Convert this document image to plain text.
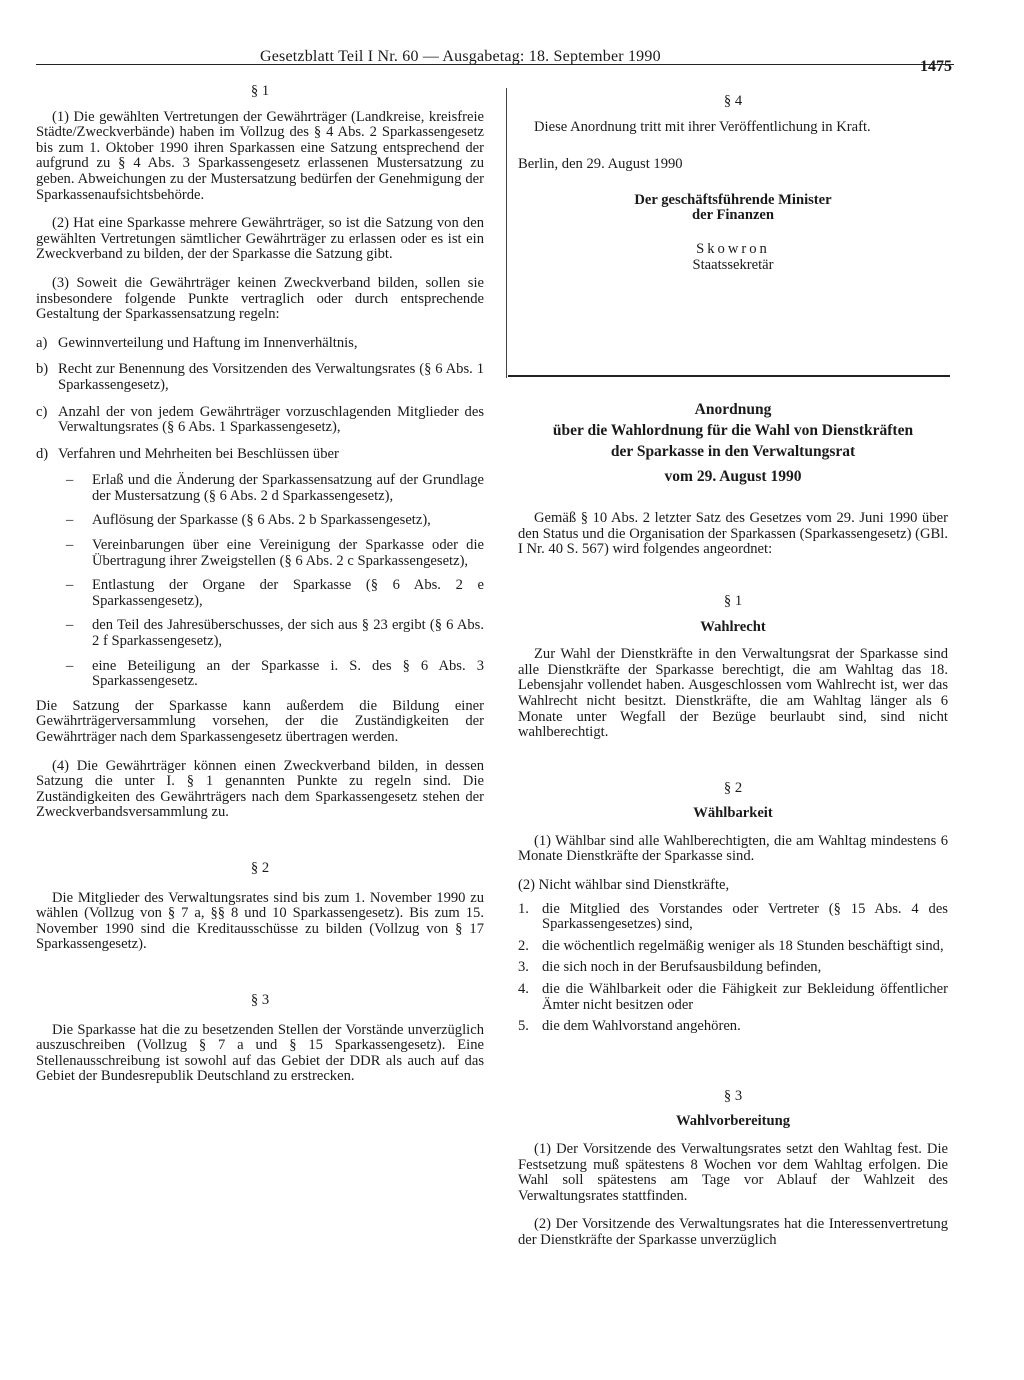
Gesetzblatt Teil I Nr. 60 — Ausgabetag: 18. September 1990
1475
§ 1

(1) Die gewählten Vertretungen der Gewährträger (Landkreise, kreisfreie Städte/Zweckverbände) haben im Vollzug des § 4 Abs. 2 Sparkassengesetz bis zum 1. Oktober 1990 ihren Sparkassen eine Satzung entsprechend der aufgrund zu § 4 Abs. 3 Sparkassengesetz erlassenen Mustersatzung zu geben. Abweichungen zu der Mustersatzung bedürfen der Genehmigung der Sparkassenaufsichtsbehörde.

(2) Hat eine Sparkasse mehrere Gewährträger, so ist die Satzung von den gewählten Vertretungen sämtlicher Gewährträger zu erlassen oder es ist ein Zweckverband zu bilden, der der Sparkasse die Satzung gibt.

(3) Soweit die Gewährträger keinen Zweckverband bilden, sollen sie insbesondere folgende Punkte vertraglich oder durch entsprechende Gestaltung der Sparkassensatzung regeln:

a) Gewinnverteilung und Haftung im Innenverhältnis,
b) Recht zur Benennung des Vorsitzenden des Verwaltungsrates (§ 6 Abs. 1 Sparkassengesetz),
c) Anzahl der von jedem Gewährträger vorzuschlagenden Mitglieder des Verwaltungsrates (§ 6 Abs. 1 Sparkassengesetz),
d) Verfahren und Mehrheiten bei Beschlüssen über
–	Erlaß und die Änderung der Sparkassensatzung auf der Grundlage der Mustersatzung (§ 6 Abs. 2 d Sparkassengesetz),
–	Auflösung der Sparkasse (§ 6 Abs. 2 b Sparkassengesetz),
–	Vereinbarungen über eine Vereinigung der Sparkasse oder die Übertragung ihrer Zweigstellen (§ 6 Abs. 2 c Sparkassengesetz),
–	Entlastung der Organe der Sparkasse (§ 6 Abs. 2 e Sparkassengesetz),
–	den Teil des Jahresüberschusses, der sich aus § 23 ergibt (§ 6 Abs. 2 f Sparkassengesetz),
–	eine Beteiligung an der Sparkasse i. S. des § 6 Abs. 3 Sparkassengesetz.

Die Satzung der Sparkasse kann außerdem die Bildung einer Gewährträgerversammlung vorsehen, der die Zuständigkeiten der Gewährträger nach dem Sparkassengesetz übertragen werden.

(4) Die Gewährträger können einen Zweckverband bilden, in dessen Satzung die unter I. § 1 genannten Punkte zu regeln sind. Die Zuständigkeiten des Gewährträgers nach dem Sparkassengesetz stehen der Zweckverbandsversammlung zu.

§ 2

Die Mitglieder des Verwaltungsrates sind bis zum 1. November 1990 zu wählen (Vollzug von § 7 a, §§ 8 und 10 Sparkassengesetz). Bis zum 15. November 1990 sind die Kreditausschüsse zu bilden (Vollzug von § 17 Sparkassengesetz).

§ 3

Die Sparkasse hat die zu besetzenden Stellen der Vorstände unverzüglich auszuschreiben (Vollzug § 7 a und § 15 Sparkassengesetz). Eine Stellenausschreibung ist sowohl auf das Gebiet der DDR als auch auf das Gebiet der Bundesrepublik Deutschland zu erstrecken.

§ 4

Diese Anordnung tritt mit ihrer Veröffentlichung in Kraft.

Berlin, den 29. August 1990

Der geschäftsführende Minister
der Finanzen
Skowron
Staatssekretär
Anordnung
über die Wahlordnung für die Wahl von Dienstkräften
der Sparkasse in den Verwaltungsrat
vom 29. August 1990

Gemäß § 10 Abs. 2 letzter Satz des Gesetzes vom 29. Juni 1990 über den Status und die Organisation der Sparkassen (Sparkassengesetz) (GBl. I Nr. 40 S. 567) wird folgendes angeordnet:

§ 1
Wahlrecht

Zur Wahl der Dienstkräfte in den Verwaltungsrat der Sparkasse sind alle Dienstkräfte der Sparkasse berechtigt, die am Wahltag das 18. Lebensjahr vollendet haben. Ausgeschlossen vom Wahlrecht ist, wer das Wahlrecht nicht besitzt. Dienstkräfte, die am Wahltag länger als 6 Monate unter Wegfall der Bezüge beurlaubt sind, sind nicht wahlberechtigt.

§ 2
Wählbarkeit

(1) Wählbar sind alle Wahlberechtigten, die am Wahltag mindestens 6 Monate Dienstkräfte der Sparkasse sind.

(2) Nicht wählbar sind Dienstkräfte,

1. die Mitglied des Vorstandes oder Vertreter (§ 15 Abs. 4 des Sparkassengesetzes) sind,
2. die wöchentlich regelmäßig weniger als 18 Stunden beschäftigt sind,
3. die sich noch in der Berufsausbildung befinden,
4. die die Wählbarkeit oder die Fähigkeit zur Bekleidung öffentlicher Ämter nicht besitzen oder
5. die dem Wahlvorstand angehören.
§ 3
Wahlvorbereitung

(1) Der Vorsitzende des Verwaltungsrates setzt den Wahltag fest. Die Festsetzung muß spätestens 8 Wochen vor dem Wahltag erfolgen. Die Wahl soll spätestens am Tage vor Ablauf der Wahlzeit des Verwaltungsrates stattfinden.

(2) Der Vorsitzende des Verwaltungsrates hat die Interessenvertretung der Dienstkräfte der Sparkasse unverzüglich
